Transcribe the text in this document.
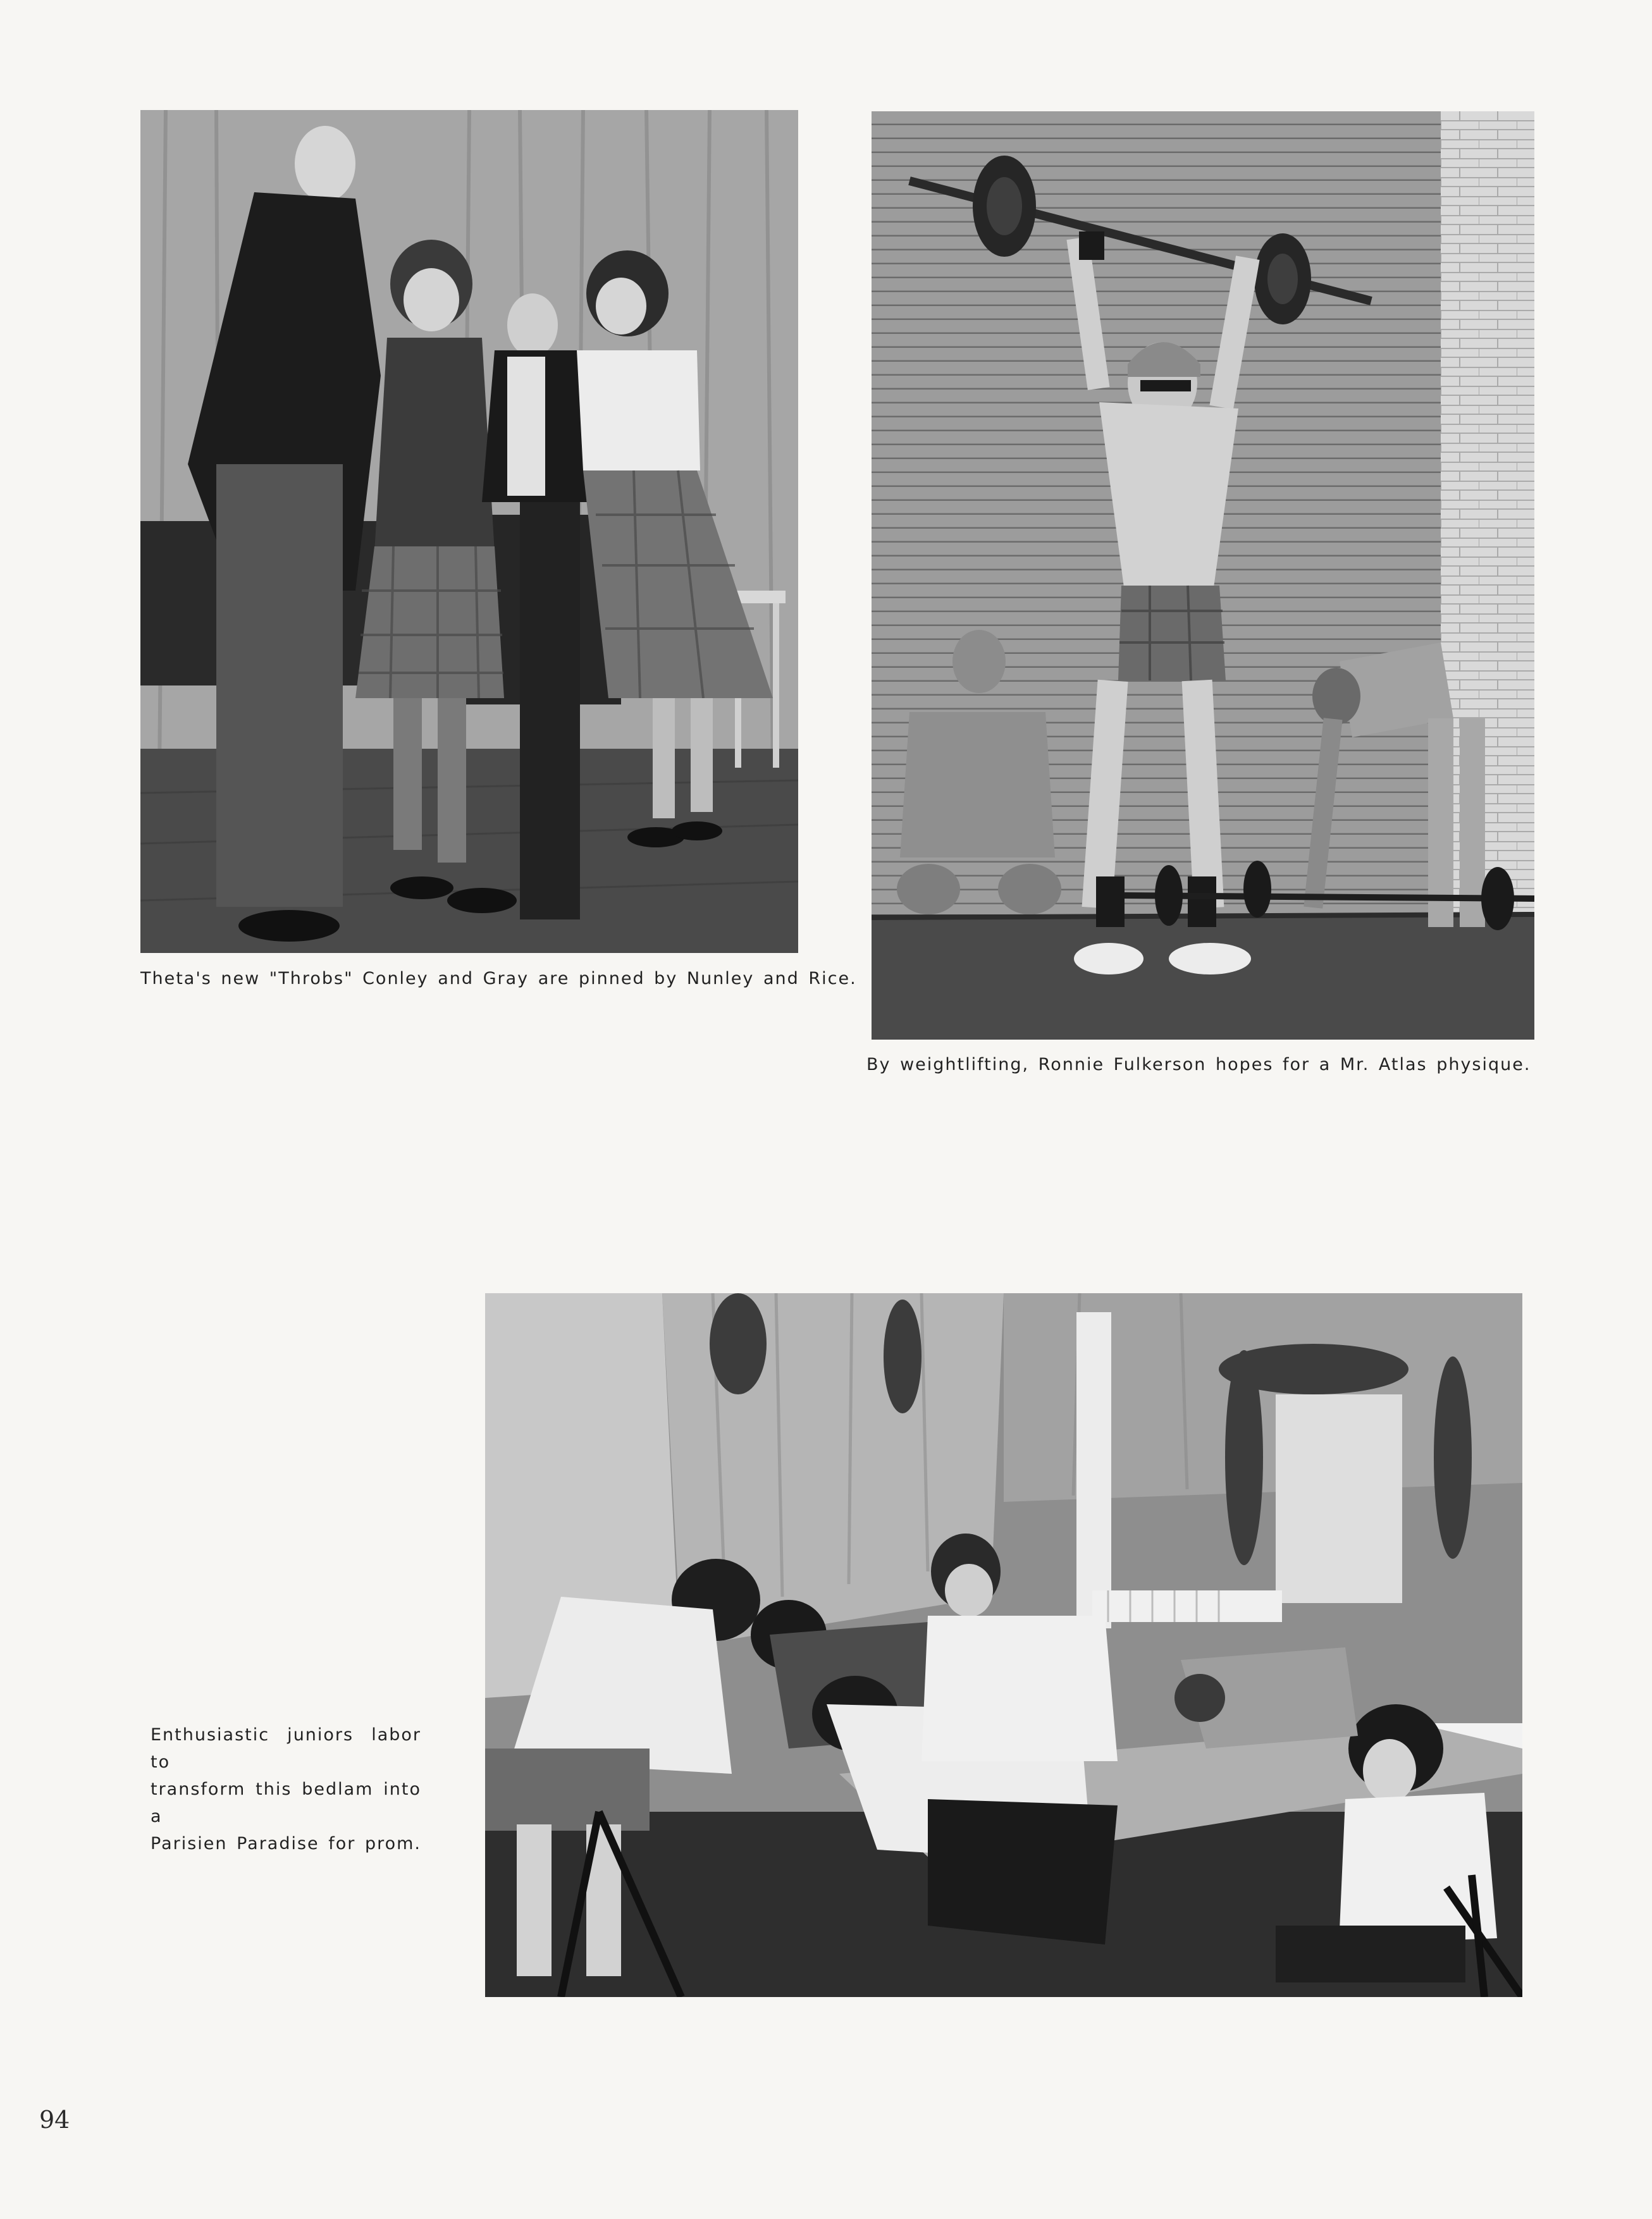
Theta's new "Throbs" Conley and Gray are pinned by Nunley and Rice.
By weightlifting, Ronnie Fulkerson hopes for a Mr. Atlas physique.
Enthusiastic juniors labor to
transform this bedlam into a
Parisien Paradise for prom.
94
